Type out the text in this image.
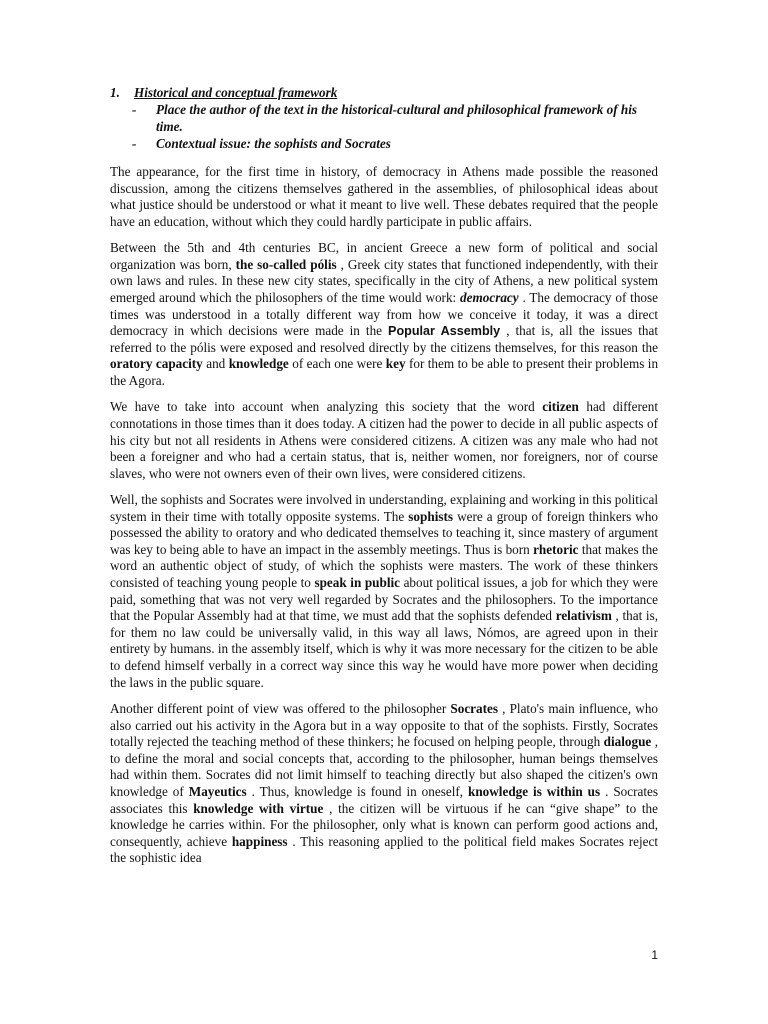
1. Historical and conceptual framework
-	Place the author of the text in the historical-cultural and philosophical framework of his time.
-	Contextual issue: the sophists and Socrates

The appearance, for the first time in history, of democracy in Athens made possible the reasoned discussion, among the citizens themselves gathered in the assemblies, of philosophical ideas about what justice should be understood or what it meant to live well. These debates required that the people have an education, without which they could hardly participate in public affairs.

Between the 5th and 4th centuries BC, in ancient Greece a new form of political and social organization was born, the so-called pólis , Greek city states that functioned independently, with their own laws and rules. In these new city states, specifically in the city of Athens, a new political system emerged around which the philosophers of the time would work: democracy . The democracy of those times was understood in a totally different way from how we conceive it today, it was a direct democracy in which decisions were made in the Popular Assembly , that is, all the issues that referred to the pólis were exposed and resolved directly by the citizens themselves, for this reason the oratory capacity and knowledge of each one were key for them to be able to present their problems in the Agora.

We have to take into account when analyzing this society that the word citizen had different connotations in those times than it does today. A citizen had the power to decide in all public aspects of his city but not all residents in Athens were considered citizens. A citizen was any male who had not been a foreigner and who had a certain status, that is, neither women, nor foreigners, nor of course slaves, who were not owners even of their own lives, were considered citizens.

Well, the sophists and Socrates were involved in understanding, explaining and working in this political system in their time with totally opposite systems. The sophists were a group of foreign thinkers who possessed the ability to oratory and who dedicated themselves to teaching it, since mastery of argument was key to being able to have an impact in the assembly meetings. Thus is born rhetoric that makes the word an authentic object of study, of which the sophists were masters. The work of these thinkers consisted of teaching young people to speak in public about political issues, a job for which they were paid, something that was not very well regarded by Socrates and the philosophers. To the importance that the Popular Assembly had at that time, we must add that the sophists defended relativism , that is, for them no law could be universally valid, in this way all laws, Nómos, are agreed upon in their entirety by humans. in the assembly itself, which is why it was more necessary for the citizen to be able to defend himself verbally in a correct way since this way he would have more power when deciding the laws in the public square.

Another different point of view was offered to the philosopher Socrates , Plato's main influence, who also carried out his activity in the Agora but in a way opposite to that of the sophists. Firstly, Socrates totally rejected the teaching method of these thinkers; he focused on helping people, through dialogue , to define the moral and social concepts that, according to the philosopher, human beings themselves had within them. Socrates did not limit himself to teaching directly but also shaped the citizen's own knowledge of Mayeutics . Thus, knowledge is found in oneself, knowledge is within us . Socrates associates this knowledge with virtue , the citizen will be virtuous if he can “give shape” to the knowledge he carries within. For the philosopher, only what is known can perform good actions and, consequently, achieve happiness . This reasoning applied to the political field makes Socrates reject the sophistic idea

1
